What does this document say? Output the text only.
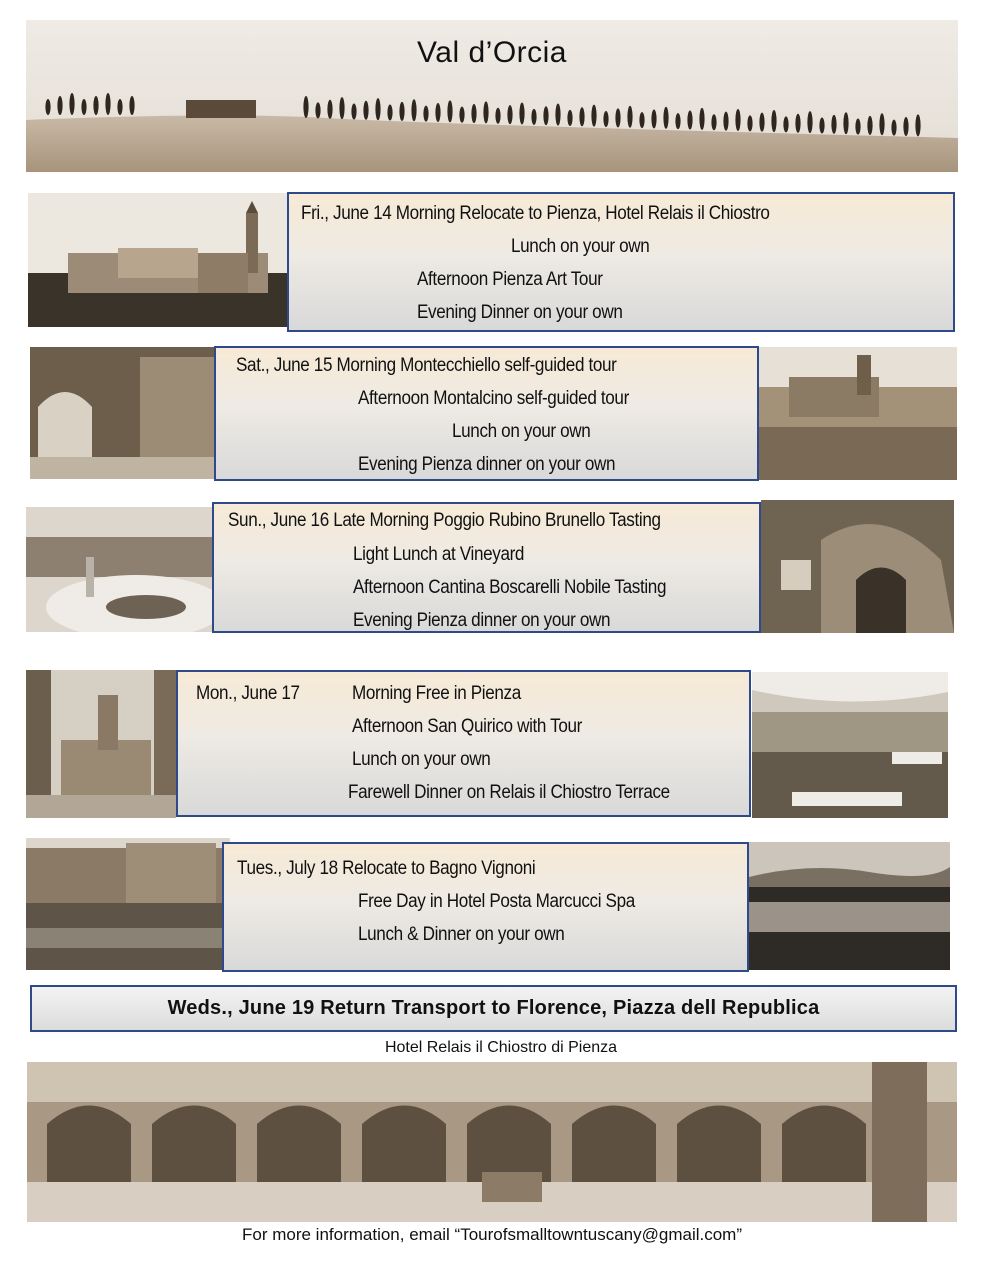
Val d’Orcia
Fri., June 14 Morning Relocate to Pienza, Hotel Relais il Chiostro
Lunch on your own
Afternoon Pienza Art Tour
Evening Dinner on your own
Sat., June 15 Morning Montecchiello self-guided tour
Afternoon Montalcino self-guided tour
Lunch on your own
Evening Pienza dinner on your own
Sun., June 16 Late Morning Poggio Rubino Brunello Tasting
Light Lunch at Vineyard
Afternoon Cantina Boscarelli Nobile Tasting
Evening Pienza dinner on your own
Mon., June 17	Morning Free in Pienza
Afternoon San Quirico with Tour
Lunch on your own
Farewell Dinner on Relais il Chiostro Terrace
Tues., July 18 Relocate to Bagno Vignoni
Free Day in Hotel Posta Marcucci Spa
Lunch & Dinner on your own
Weds., June 19 Return Transport to Florence, Piazza dell Republica
Hotel Relais il Chiostro di Pienza
For more information, email “Tourofsmalltowntuscany@gmail.com”
